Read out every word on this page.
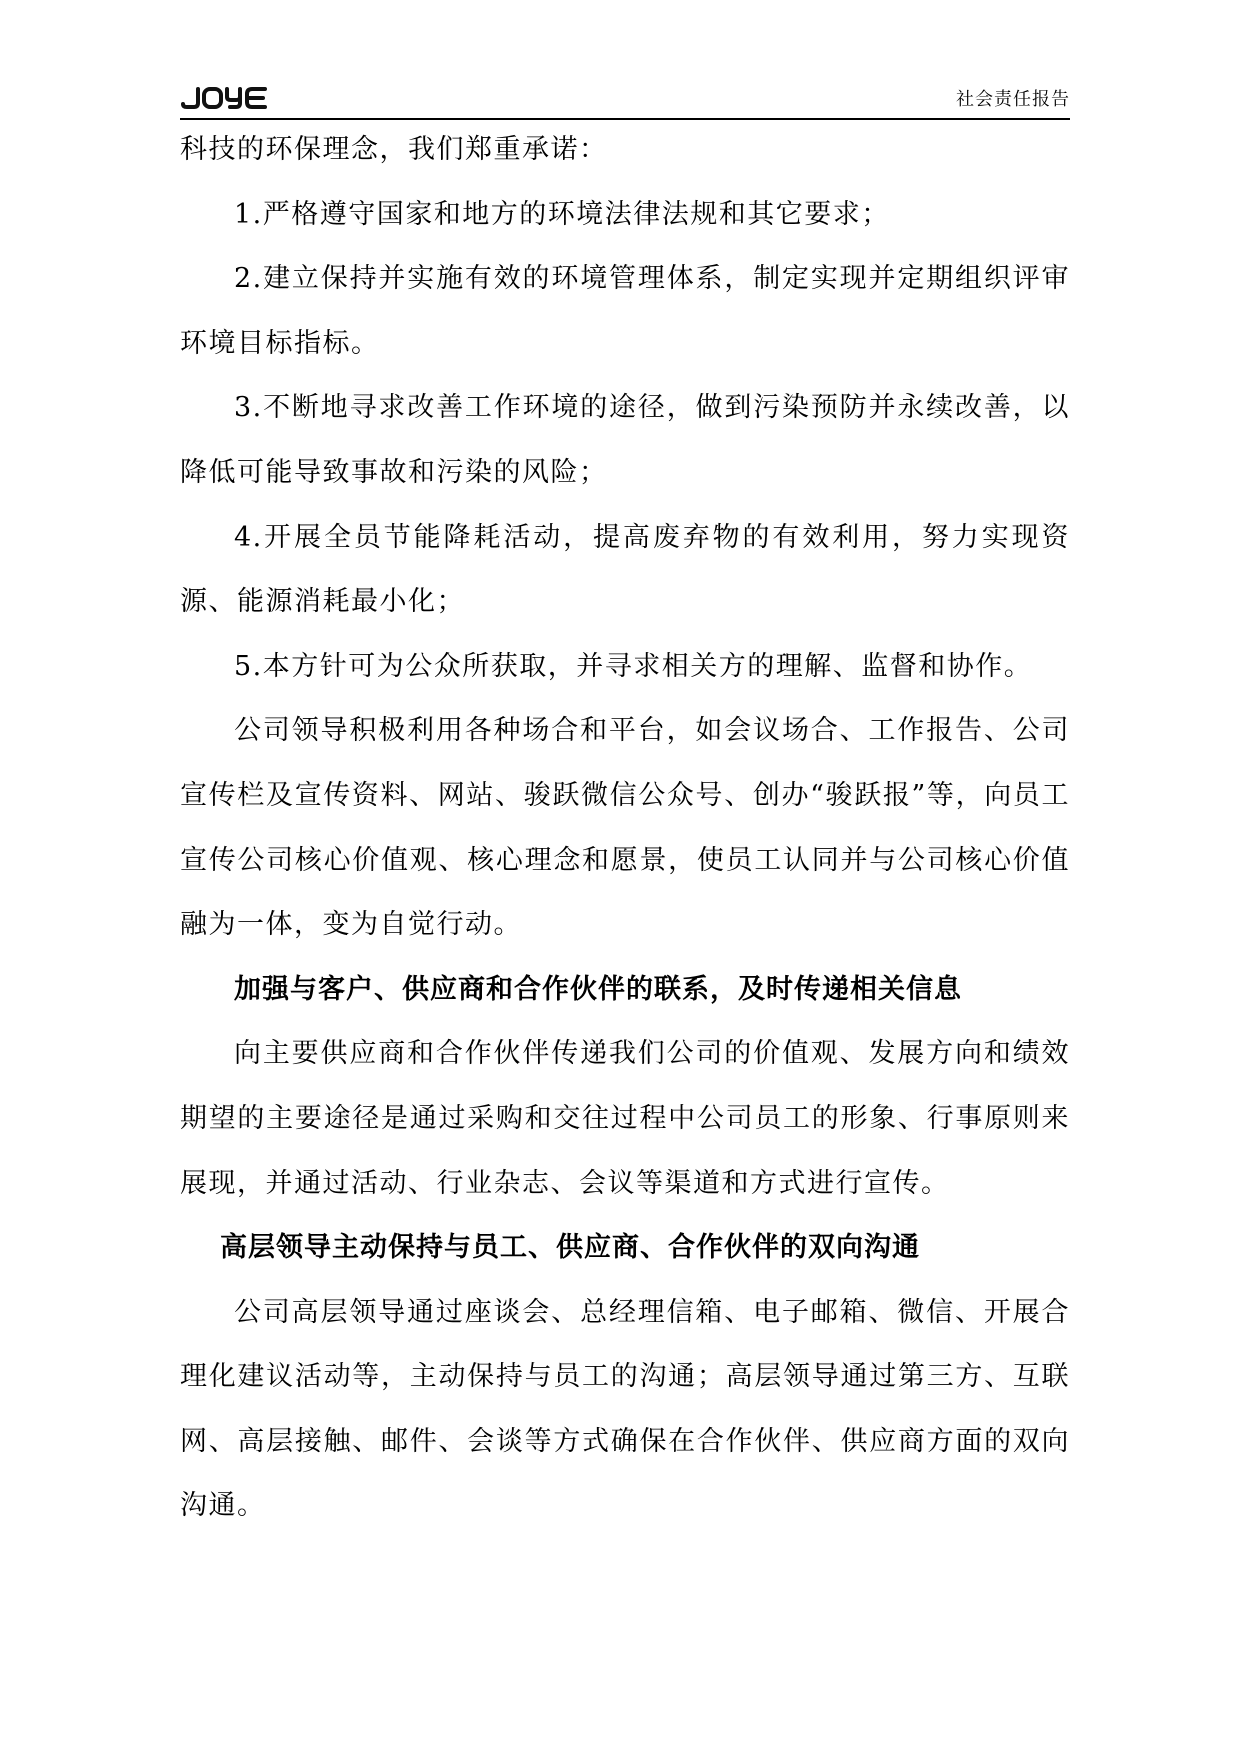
社会责任报告

科技的环保理念，我们郑重承诺：

1.严格遵守国家和地方的环境法律法规和其它要求；

2.建立保持并实施有效的环境管理体系，制定实现并定期组织评审环境目标指标。

3.不断地寻求改善工作环境的途径，做到污染预防并永续改善，以降低可能导致事故和污染的风险；

4.开展全员节能降耗活动，提高废弃物的有效利用，努力实现资源、能源消耗最小化；

5.本方针可为公众所获取，并寻求相关方的理解、监督和协作。

公司领导积极利用各种场合和平台，如会议场合、工作报告、公司宣传栏及宣传资料、网站、骏跃微信公众号、创办“骏跃报”等，向员工宣传公司核心价值观、核心理念和愿景，使员工认同并与公司核心价值融为一体，变为自觉行动。

加强与客户、供应商和合作伙伴的联系，及时传递相关信息

向主要供应商和合作伙伴传递我们公司的价值观、发展方向和绩效期望的主要途径是通过采购和交往过程中公司员工的形象、行事原则来展现，并通过活动、行业杂志、会议等渠道和方式进行宣传。

高层领导主动保持与员工、供应商、合作伙伴的双向沟通

公司高层领导通过座谈会、总经理信箱、电子邮箱、微信、开展合理化建议活动等，主动保持与员工的沟通；高层领导通过第三方、互联网、高层接触、邮件、会谈等方式确保在合作伙伴、供应商方面的双向沟通。
